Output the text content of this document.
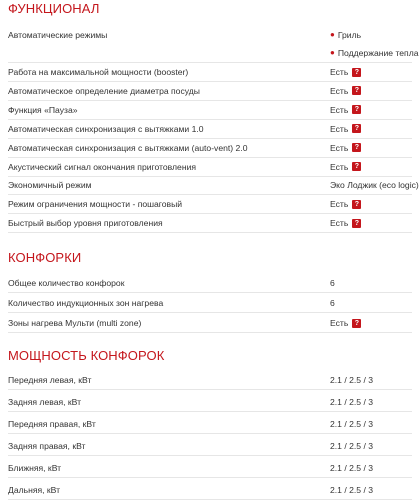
ФУНКЦИОНАЛ
Автоматические режимы	● Гриль
● Поддержание тепла
Работа на максимальной мощности (booster)	Есть ?
Автоматическое определение диаметра посуды	Есть ?
Функция «Пауза»	Есть ?
Автоматическая синхронизация с вытяжками 1.0	Есть ?
Автоматическая синхронизация с вытяжками (auto-vent) 2.0	Есть ?
Акустический сигнал окончания приготовления	Есть ?
Экономичный режим	Эко Лоджик (eco logic)
Режим ограничения мощности - пошаговый	Есть ?
Быстрый выбор уровня приготовления	Есть ?
КОНФОРКИ
Общее количество конфорок	6
Количество индукционных зон нагрева	6
Зоны нагрева Мульти (multi zone)	Есть ?
МОЩНОСТЬ КОНФОРОК
Передняя левая, кВт	2.1 / 2.5 / 3
Задняя левая, кВт	2.1 / 2.5 / 3
Передняя правая, кВт	2.1 / 2.5 / 3
Задняя правая, кВт	2.1 / 2.5 / 3
Ближняя, кВт	2.1 / 2.5 / 3
Дальняя, кВт	2.1 / 2.5 / 3
